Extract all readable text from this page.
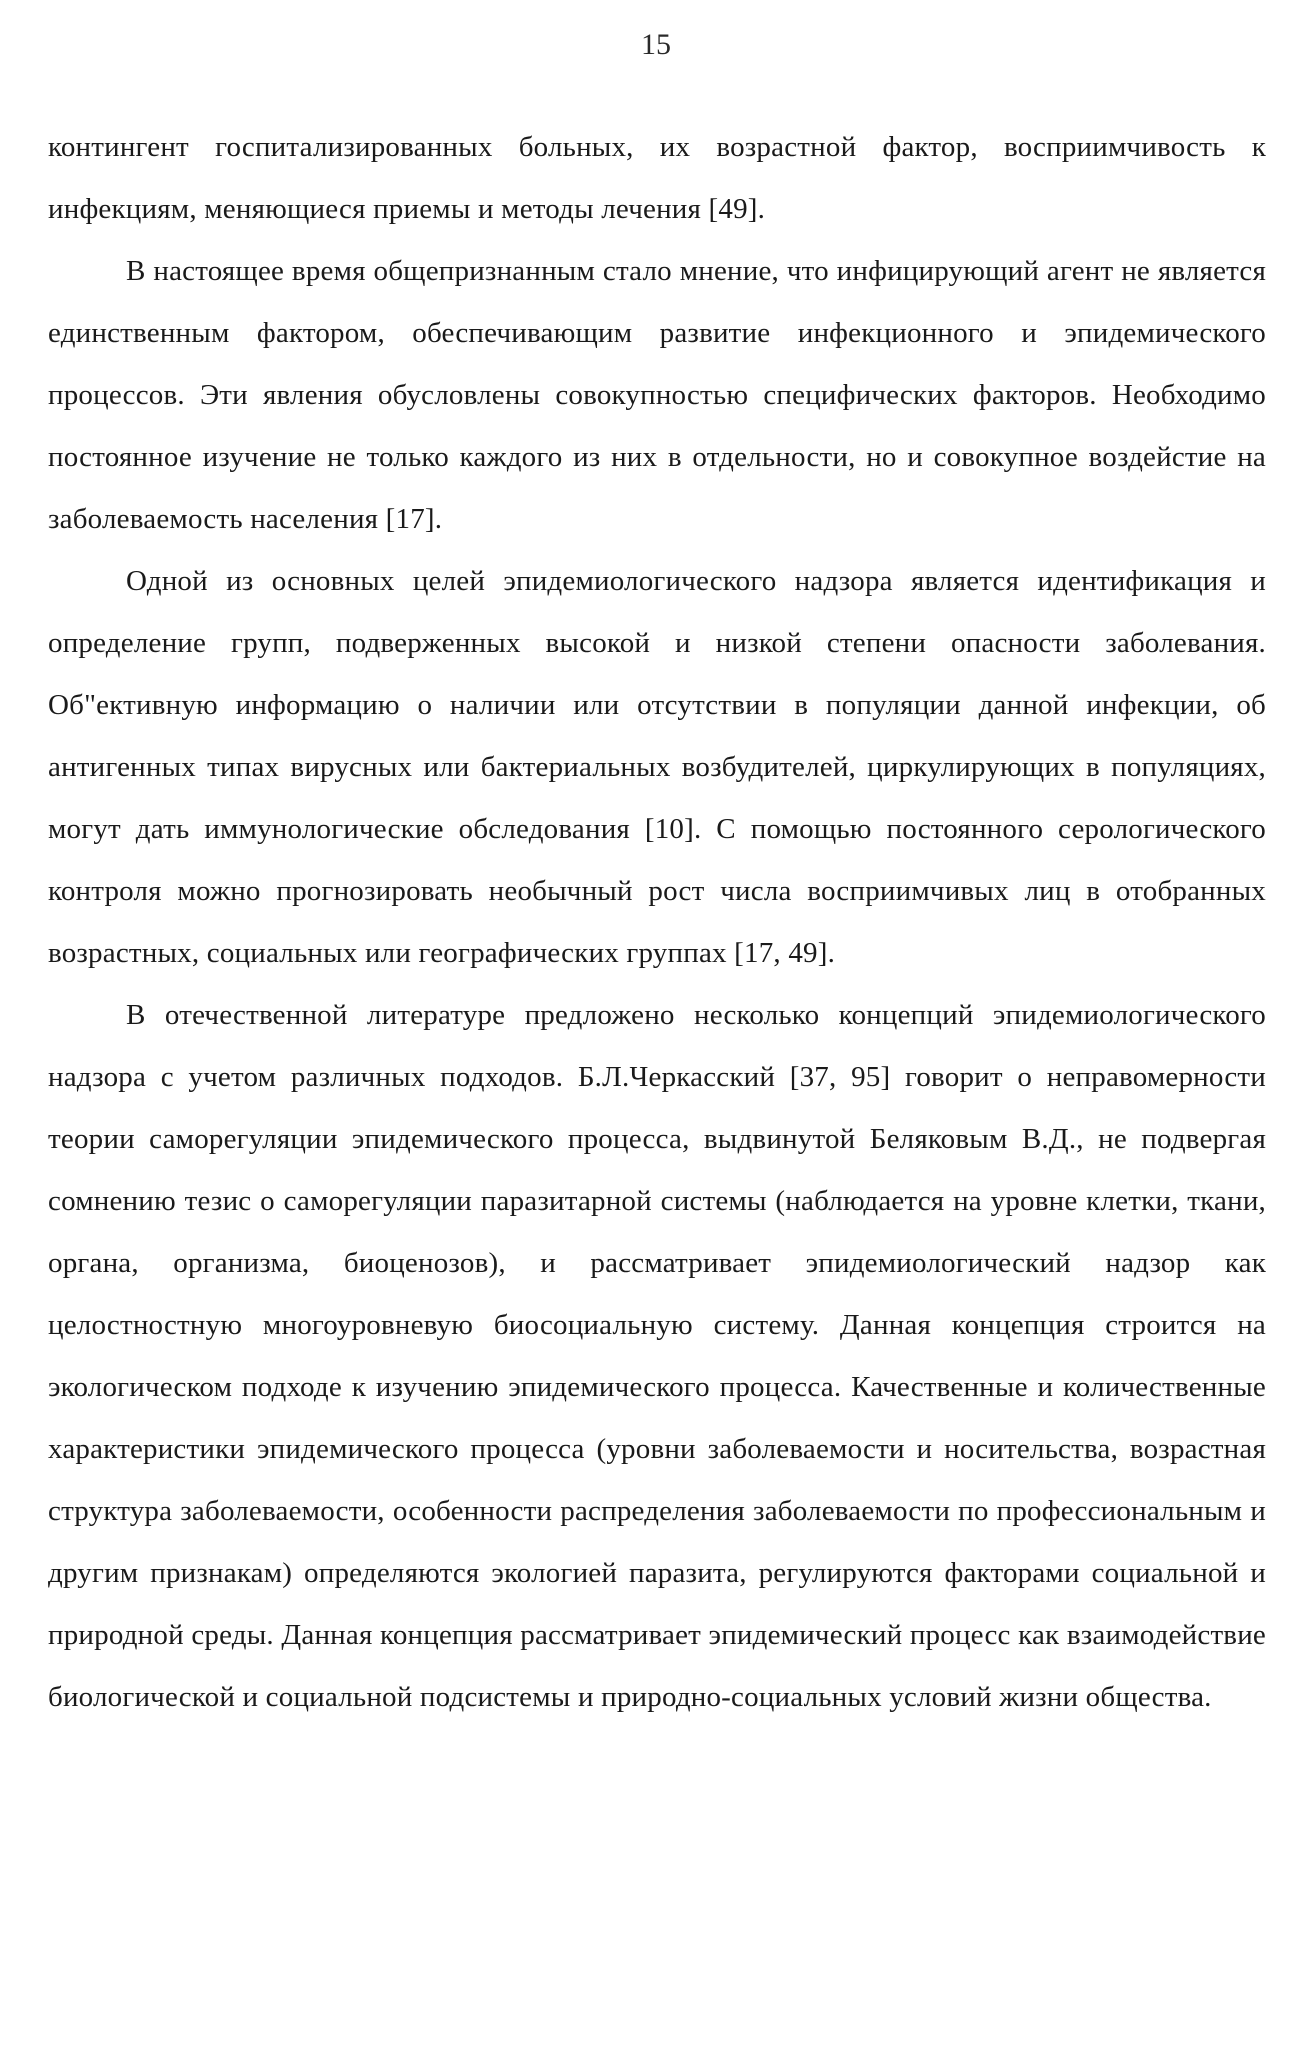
15

контингент госпитализированных больных, их возрастной фактор, восприимчивость к инфекциям, меняющиеся приемы и методы лечения [49].

В настоящее время общепризнанным стало мнение, что инфицирующий агент не является единственным фактором, обеспечивающим развитие инфекционного и эпидемического процессов. Эти явления обусловлены совокупностью специфических факторов. Необходимо постоянное изучение не только каждого из них в отдельности, но и совокупное воздейстие на заболеваемость населения [17].

Одной из основных целей эпидемиологического надзора является идентификация и определение групп, подверженных высокой и низкой степени опасности заболевания. Об"ективную информацию о наличии или отсутствии в популяции данной инфекции, об антигенных типах вирусных или бактериальных возбудителей, циркулирующих в популяциях, могут дать иммунологические обследования [10]. С помощью постоянного серологического контроля можно прогнозировать необычный рост числа восприимчивых лиц в отобранных возрастных, социальных или географических группах [17, 49].

В отечественной литературе предложено несколько концепций эпидемиологического надзора с учетом различных подходов. Б.Л.Черкасский [37, 95] говорит о неправомерности теории саморегуляции эпидемического процесса, выдвинутой Беляковым В.Д., не подвергая сомнению тезис о саморегуляции паразитарной системы (наблюдается на уровне клетки, ткани, органа, организма, биоценозов), и рассматривает эпидемиологический надзор как целостностную многоуровневую биосоциальную систему. Данная концепция строится на экологическом подходе к изучению эпидемического процесса. Качественные и количественные характеристики эпидемического процесса (уровни заболеваемости и носительства, возрастная структура заболеваемости, особенности распределения заболеваемости по профессиональным и другим признакам) определяются экологией паразита, регулируются факторами социальной и природной среды. Данная концепция рассматривает эпидемический процесс как взаимодействие биологической и социальной подсистемы и природно-социальных условий жизни общества.
